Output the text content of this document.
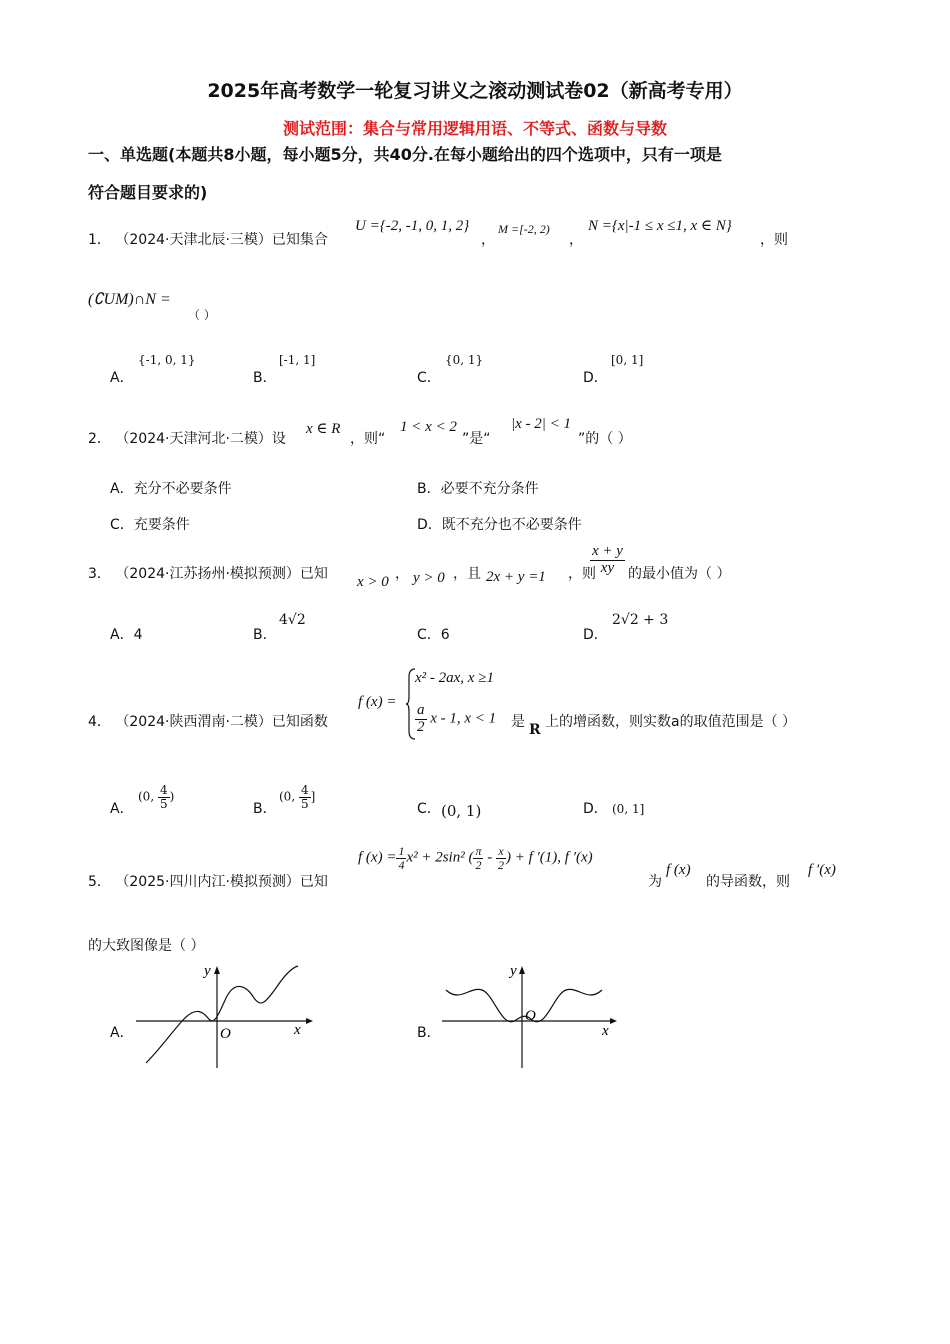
2025年高考数学一轮复习讲义之滚动测试卷02（新高考专用）
测试范围：集合与常用逻辑用语、不等式、函数与导数
一、单选题(本题共8小题，每小题5分，共40分.在每小题给出的四个选项中，只有一项是
符合题目要求的)
1． （2024·天津北辰·三模）已知集合
U ={-2, -1, 0, 1, 2}
，
M =[-2, 2)
，
N ={x|-1 ≤ x ≤1, x ∈ N}
，则
(∁UM)∩N =
（ ）
A．
{-1, 0, 1}
B．
[-1, 1]
C．
{0, 1}
D．
[0, 1]
2． （2024·天津河北·二模）设
x ∈ R
，则“
1 < x < 2
”是“
|x - 2| < 1
”的（ ）
A．充分不必要条件	B．必要不充分条件
C．充要条件	D．既不充分也不必要条件
3． （2024·江苏扬州·模拟预测）已知 x > 0 ， y > 0 ，且 2x + y =1 ，则
$\frac{x + y}{xy}$ 的最小值为（ ）
A．4	B．
4√2
C．6	D．
2√2 + 3
4． （2024·陕西渭南·二模）已知函数
f (x) =
x² - 2ax, x ≥1
$\frac{a}{2}$ x - 1, x < 1 是 R 上的增函数，则实数a的取值范围是（ ）
A．
(0, $\frac{4}{5}$ )
B．
(0, $\frac{4}{5}$ ]
C． (0, 1)	D． (0, 1]
5． （2025·四川内江·模拟预测）已知
f $(x) = \frac{1}{4} x^2 + 2\sin^2$ ( $\frac{\pi}{2} - \frac{x}{2}$ ) + f ′(1), f ′(x)
为
f (x)
的导函数，则
f ′(x)
的大致图像是（ ）
A．	x
y
O	B．	x
y
O
